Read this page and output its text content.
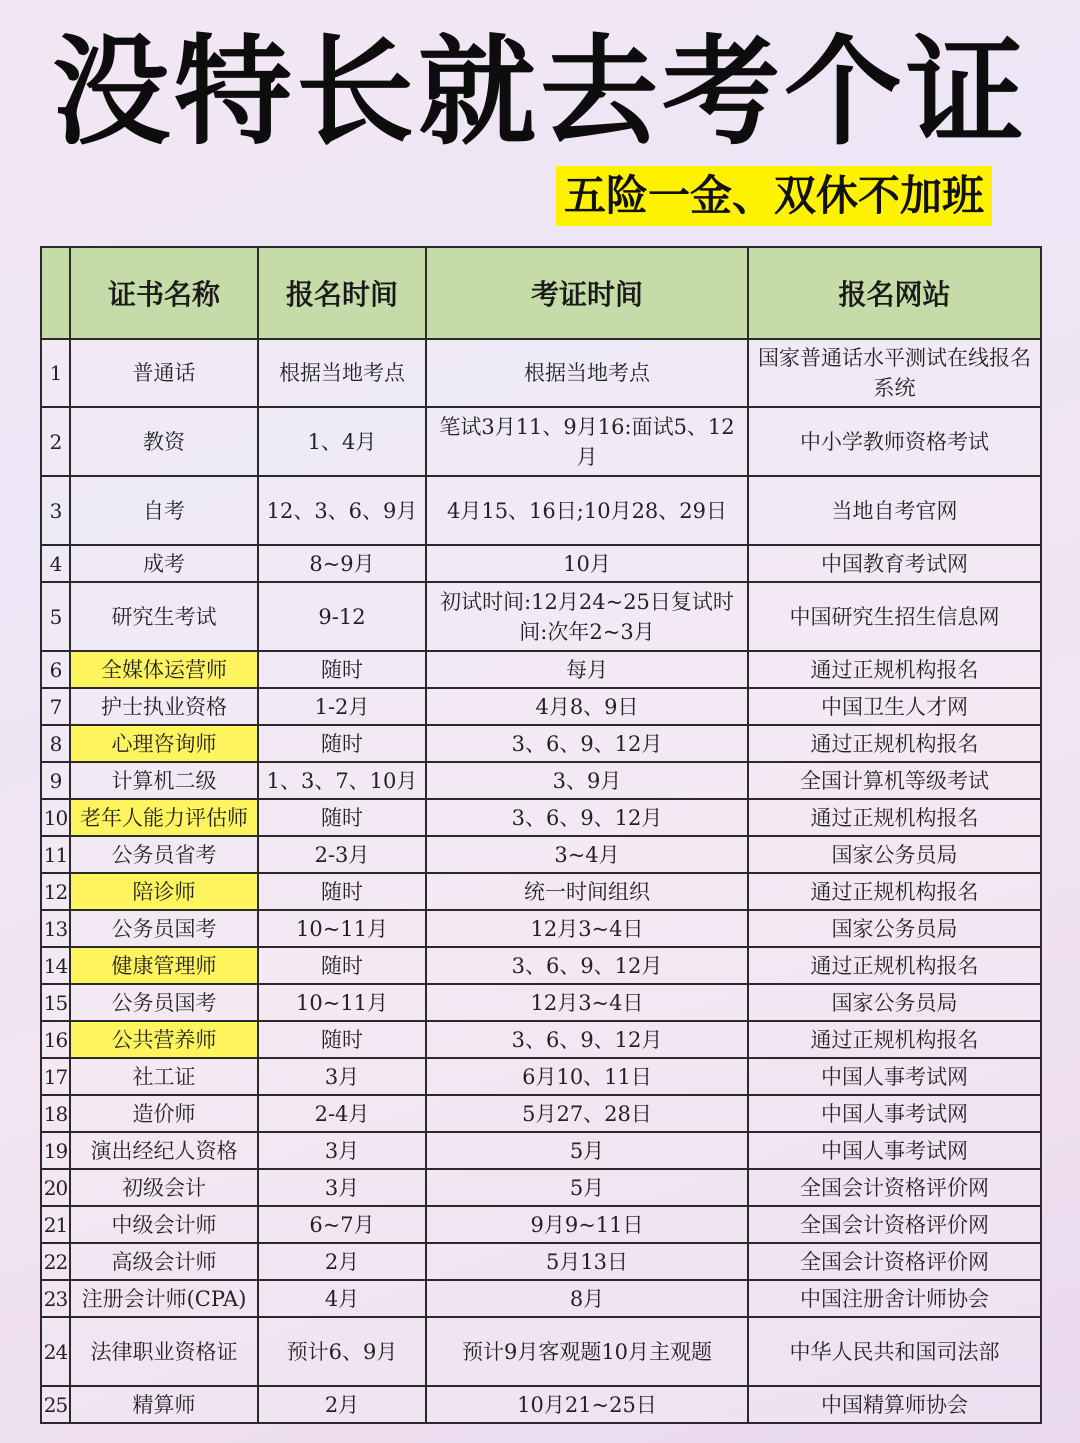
没特长就去考个证
五险一金、双休不加班
	证书名称	报名时间	考证时间	报名网站
1	普通话	根据当地考点	根据当地考点	国家普通话水平测试在线报名系统
2	教资	1、4月	笔试3月11、9月16:面试5、12月	中小学教师资格考试
3	自考	12、3、6、9月	4月15、16日;10月28、29日	当地自考官网
4	成考	8~9月	10月	中国教育考试网
5	研究生考试	9-12	初试时间:12月24~25日复试时间:次年2~3月	中国研究生招生信息网
6	全媒体运营师	随时	每月	通过正规机构报名
7	护士执业资格	1-2月	4月8、9日	中国卫生人才网
8	心理咨询师	随时	3、6、9、12月	通过正规机构报名
9	计算机二级	1、3、7、10月	3、9月	全国计算机等级考试
10	老年人能力评估师	随时	3、6、9、12月	通过正规机构报名
11	公务员省考	2-3月	3~4月	国家公务员局
12	陪诊师	随时	统一时间组织	通过正规机构报名
13	公务员国考	10~11月	12月3~4日	国家公务员局
14	健康管理师	随时	3、6、9、12月	通过正规机构报名
15	公务员国考	10~11月	12月3~4日	国家公务员局
16	公共营养师	随时	3、6、9、12月	通过正规机构报名
17	社工证	3月	6月10、11日	中国人事考试网
18	造价师	2-4月	5月27、28日	中国人事考试网
19	演出经纪人资格	3月	5月	中国人事考试网
20	初级会计	3月	5月	全国会计资格评价网
21	中级会计师	6~7月	9月9~11日	全国会计资格评价网
22	高级会计师	2月	5月13日	全国会计资格评价网
23	注册会计师(CPA)	4月	8月	中国注册舍计师协会
24	法律职业资格证	预计6、9月	预计9月客观题10月主观题	中华人民共和国司法部
25	精算师	2月	10月21~25日	中国精算师协会
